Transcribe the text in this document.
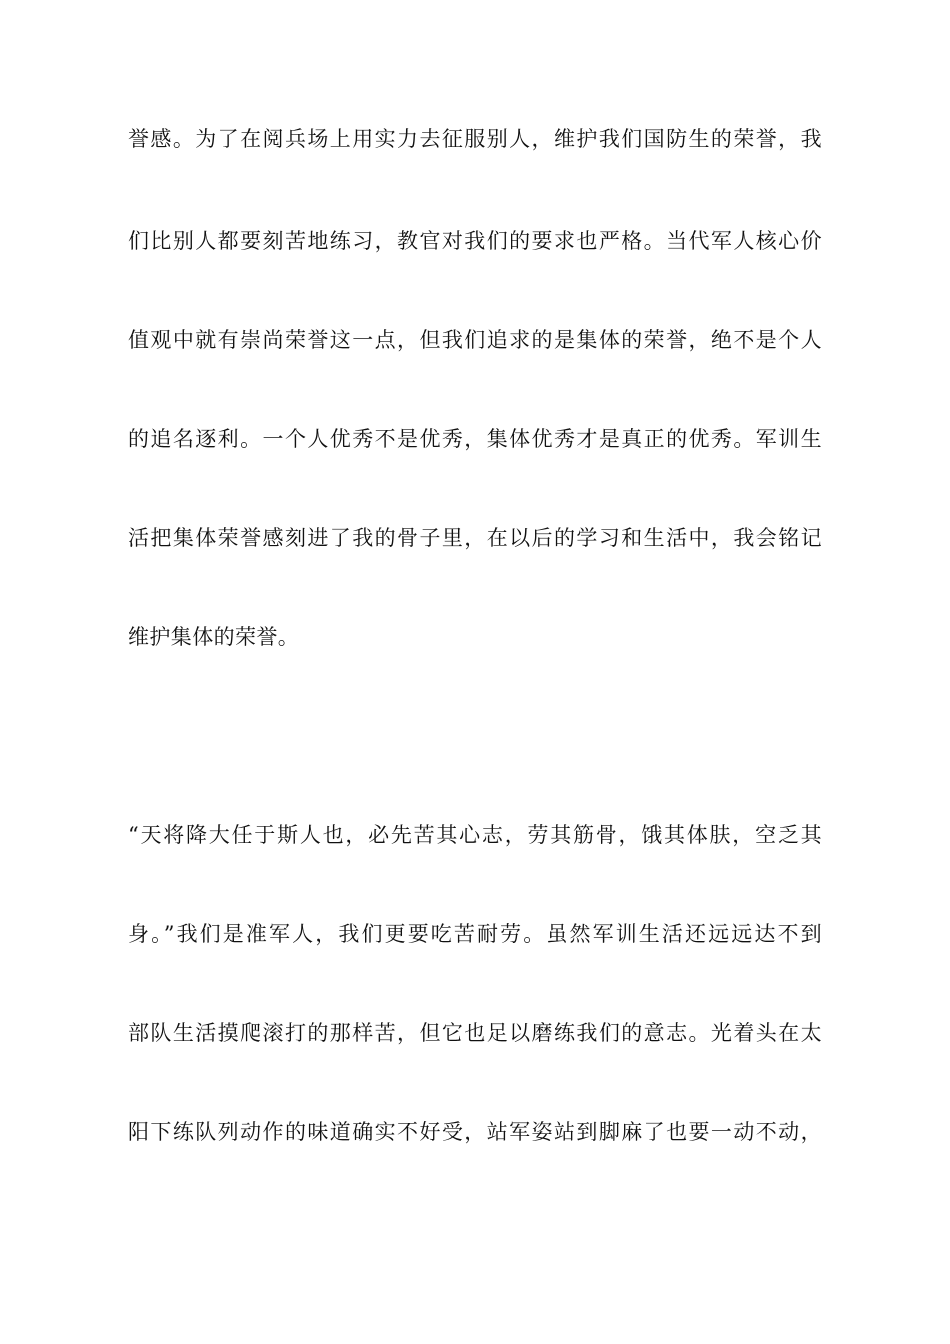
誉感。为了在阅兵场上用实力去征服别人，维护我们国防生的荣誉，我
们比别人都要刻苦地练习，教官对我们的要求也严格。当代军人核心价
值观中就有崇尚荣誉这一点，但我们追求的是集体的荣誉，绝不是个人
的追名逐利。一个人优秀不是优秀，集体优秀才是真正的优秀。军训生
活把集体荣誉感刻进了我的骨子里，在以后的学习和生活中，我会铭记
维护集体的荣誉。
“天将降大任于斯人也，必先苦其心志，劳其筋骨，饿其体肤，空乏其
身。”我们是准军人，我们更要吃苦耐劳。虽然军训生活还远远达不到
部队生活摸爬滚打的那样苦，但它也足以磨练我们的意志。光着头在太
阳下练队列动作的味道确实不好受，站军姿站到脚麻了也要一动不动，
